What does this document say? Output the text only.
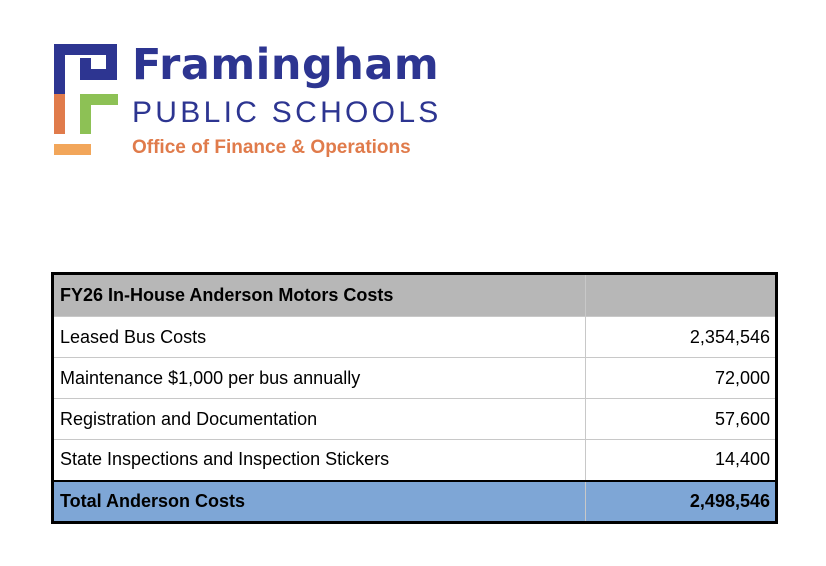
Framingham
PUBLIC SCHOOLS
Office of Finance & Operations
FY26 In-House Anderson Motors Costs	
Leased Bus Costs	2,354,546
Maintenance $1,000 per bus annually	72,000
Registration and Documentation	57,600
State Inspections and Inspection Stickers	14,400
Total Anderson Costs	2,498,546
